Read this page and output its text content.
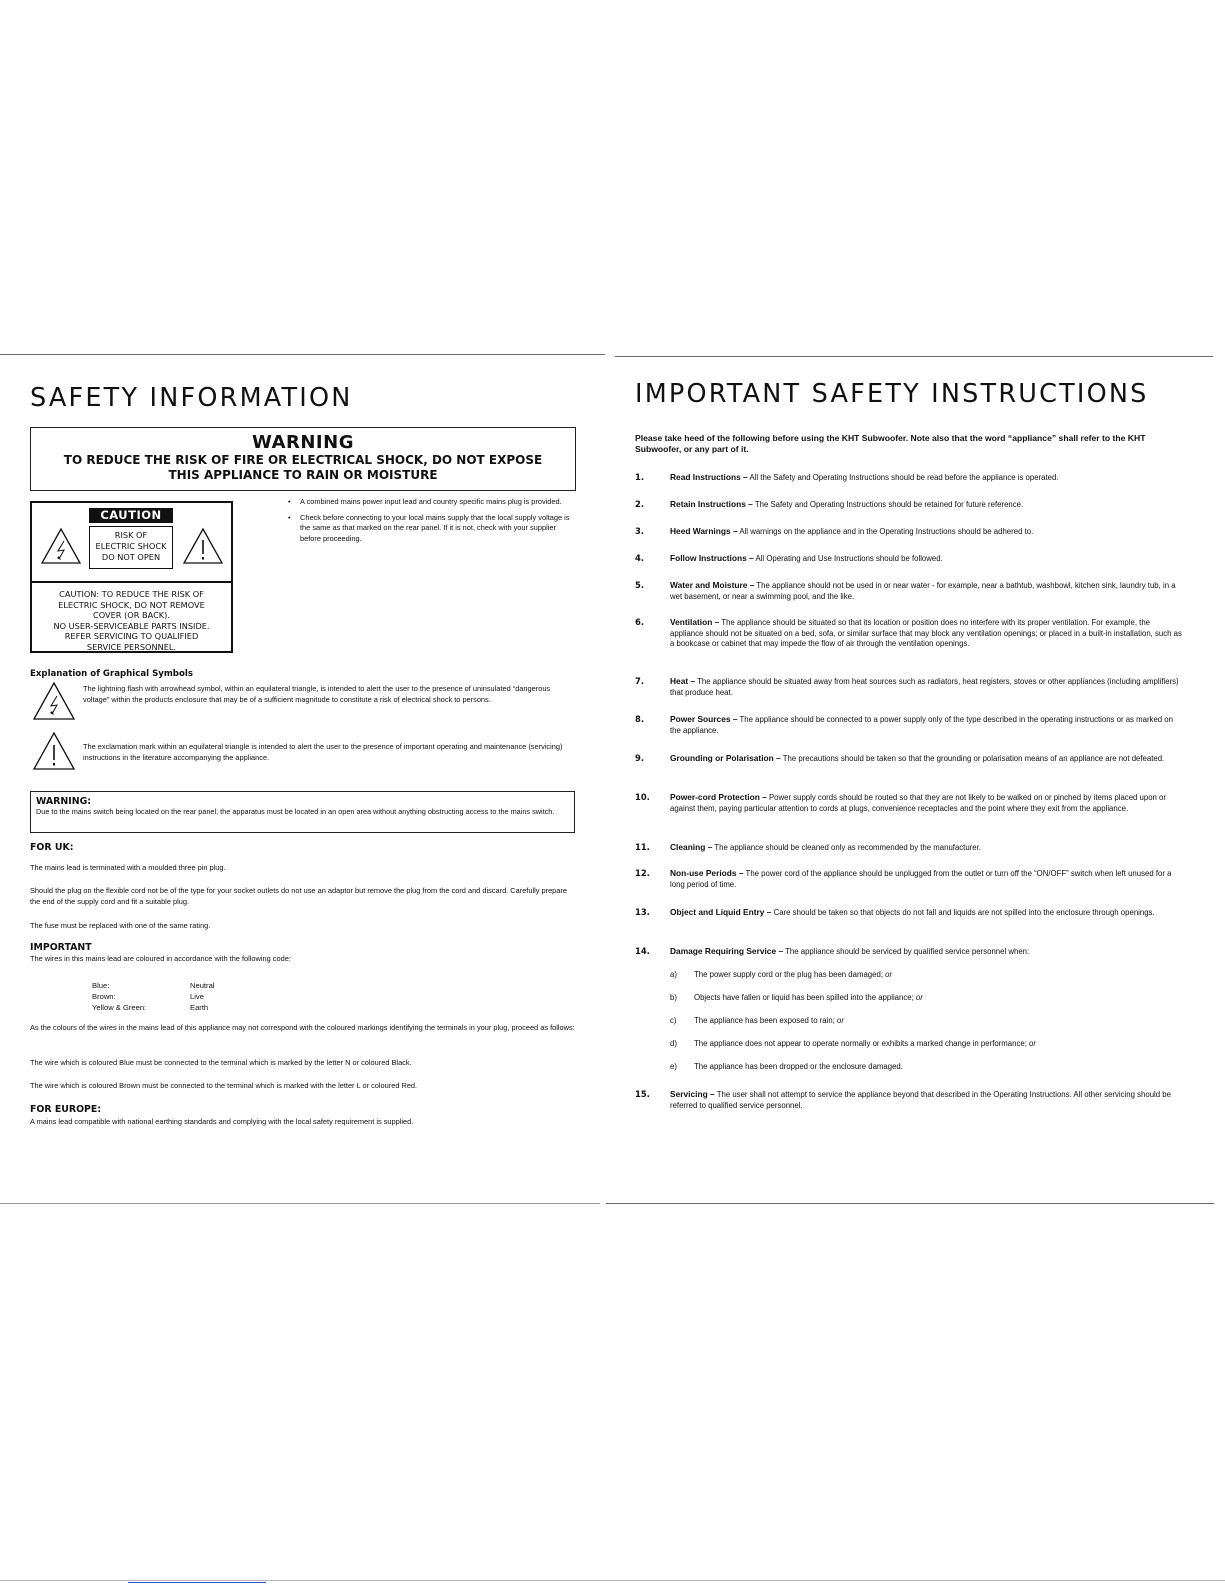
SAFETY INFORMATION
WARNING
TO REDUCE THE RISK OF FIRE OR ELECTRICAL SHOCK, DO NOT EXPOSE
THIS APPLIANCE TO RAIN OR MOISTURE
CAUTION
RISK OF
ELECTRIC SHOCK
DO NOT OPEN
CAUTION: TO REDUCE THE RISK OF
ELECTRIC SHOCK, DO NOT REMOVE
COVER (OR BACK).
NO USER-SERVICEABLE PARTS INSIDE.
REFER SERVICING TO QUALIFIED
SERVICE PERSONNEL.
• A combined mains power input lead and country specific mains plug is provided.
• Check before connecting to your local mains supply that the local supply voltage is the same as that marked on the rear panel. If it is not, check with your supplier before proceeding.
Explanation of Graphical Symbols
The lightning flash with arrowhead symbol, within an equilateral triangle, is intended to alert the user to the presence of uninsulated “dangerous voltage” within the products enclosure that may be of a sufficient magnitude to constitute a risk of electrical shock to persons.
The exclamation mark within an equilateral triangle is intended to alert the user to the presence of important operating and maintenance (servicing) instructions in the literature accompanying the appliance.
WARNING:
Due to the mains switch being located on the rear panel, the apparatus must be located in an open area without anything obstructing access to the mains switch.
FOR UK:
The mains lead is terminated with a moulded three pin plug.
Should the plug on the flexible cord not be of the type for your socket outlets do not use an adaptor but remove the plug from the cord and discard. Carefully prepare the end of the supply cord and fit a suitable plug.
The fuse must be replaced with one of the same rating.
IMPORTANT
The wires in this mains lead are coloured in accordance with the following code:
Blue:	Neutral
Brown:	Live
Yellow & Green:	Earth
As the colours of the wires in the mains lead of this appliance may not correspond with the coloured markings identifying the terminals in your plug, proceed as follows:
The wire which is coloured Blue must be connected to the terminal which is marked by the letter N or coloured Black.
The wire which is coloured Brown must be connected to the terminal which is marked with the letter L or coloured Red.
FOR EUROPE:
A mains lead compatible with national earthing standards and complying with the local safety requirement is supplied.
IMPORTANT SAFETY INSTRUCTIONS
Please take heed of the following before using the KHT Subwoofer. Note also that the word “appliance” shall refer to the KHT Subwoofer, or any part of it.
1.	Read Instructions – All the Safety and Operating Instructions should be read before the appliance is operated.
2.	Retain Instructions – The Safety and Operating Instructions should be retained for future reference.
3.	Heed Warnings – All warnings on the appliance and in the Operating Instructions should be adhered to.
4.	Follow Instructions – All Operating and Use Instructions should be followed.
5.	Water and Moisture – The appliance should not be used in or near water - for example, near a bathtub, washbowl, kitchen sink, laundry tub, in a wet basement, or near a swimming pool, and the like.
6.	Ventilation – The appliance should be situated so that its location or position does no interfere with its proper ventilation. For example, the appliance should not be situated on a bed, sofa, or similar surface that may block any ventilation openings; or placed in a built-in installation, such as a bookcase or cabinet that may impede the flow of air through the ventilation openings.
7.	Heat – The appliance should be situated away from heat sources such as radiators, heat registers, stoves or other appliances (including amplifiers) that produce heat.
8.	Power Sources – The appliance should be connected to a power supply only of the type described in the operating instructions or as marked on the appliance.
9.	Grounding or Polarisation – The precautions should be taken so that the grounding or polarisation means of an appliance are not defeated.
10. Power-cord Protection – Power supply cords should be routed so that they are not likely to be walked on or pinched by items placed upon or against them, paying particular attention to cords at plugs, convenience receptacles and the point where they exit from the appliance.
11. Cleaning – The appliance should be cleaned only as recommended by the manufacturer.
12. Non-use Periods – The power cord of the appliance should be unplugged from the outlet or turn off the “ON/OFF” switch when left unused for a long period of time.
13. Object and Liquid Entry – Care should be taken so that objects do not fall and liquids are not spilled into the enclosure through openings.
14. Damage Requiring Service – The appliance should be serviced by qualified service personnel when:
a) The power supply cord or the plug has been damaged; or
b) Objects have fallen or liquid has been spilled into the appliance; or
c) The appliance has been exposed to rain; or
d) The appliance does not appear to operate normally or exhibits a marked change in performance; or
e) The appliance has been dropped or the enclosure damaged.
15. Servicing – The user shall not attempt to service the appliance beyond that described in the Operating Instructions. All other servicing should be referred to qualified service personnel.
